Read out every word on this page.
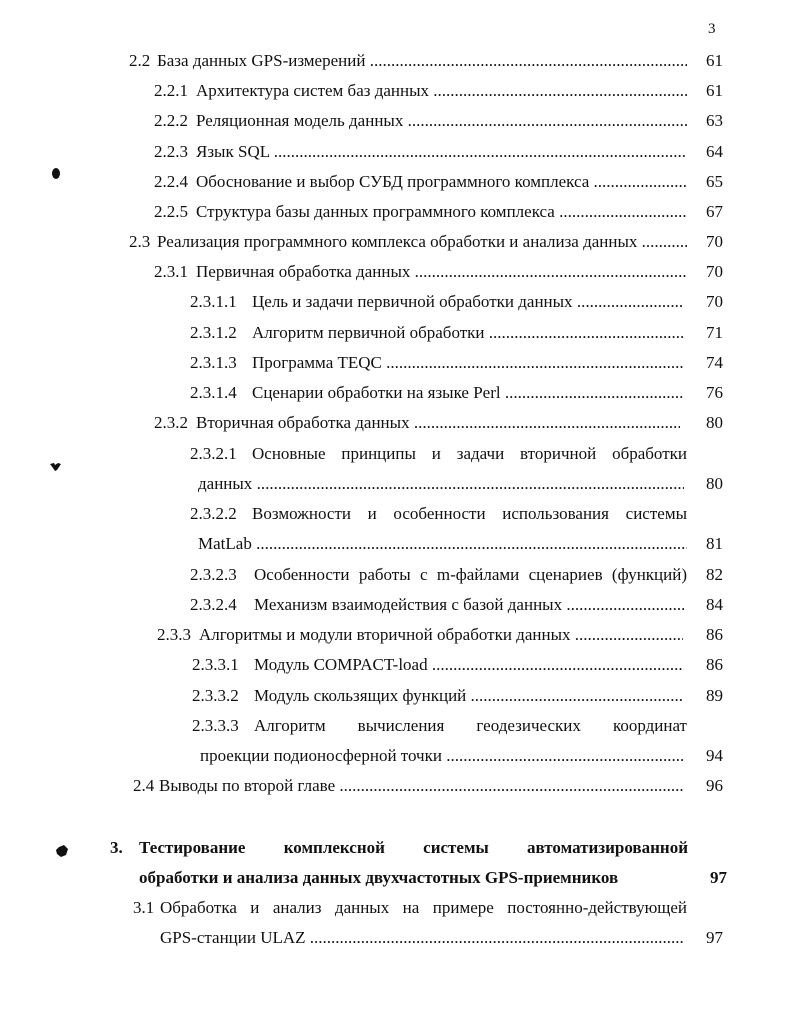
3
2.2 База данных GPS-измерений .....	61
2.2.1 Архитектура систем баз данных .....	61
2.2.2 Реляционная модель данных .....	63
2.2.3 Язык SQL .....	64
2.2.4 Обоснование и выбор СУБД программного комплекса .....	65
2.2.5 Структура базы данных программного комплекса .....	67
2.3 Реализация программного комплекса обработки и анализа данных .....	70
2.3.1 Первичная обработка данных .....	70
2.3.1.1 Цель и задачи первичной обработки данных .....	70
2.3.1.2 Алгоритм первичной обработки .....	71
2.3.1.3 Программа TEQC .....	74
2.3.1.4 Сценарии обработки на языке Perl .....	76
2.3.2 Вторичная обработка данных .....	80
2.3.2.1 Основные принципы и задачи вторичной обработки
данных .....	80
2.3.2.2 Возможности и особенности использования системы
MatLab .....	81
2.3.2.3 Особенности работы с m-файлами сценариев (функций) 82
2.3.2.4 Механизм взаимодействия с базой данных .....	84
2.3.3 Алгоритмы и модули вторичной обработки данных .....	86
2.3.3.1 Модуль COMPACT-load .....	86
2.3.3.2 Модуль скользящих функций .....	89
2.3.3.3 Алгоритм вычисления геодезических координат
проекции подионосферной точки .....	94
2.4 Выводы по второй главе .....	96
3. Тестирование комплексной системы автоматизированной
обработки и анализа данных двухчастотных GPS-приемников	97
3.1 Обработка и анализ данных на примере постоянно-действующей
GPS-станции ULAZ .....	97
